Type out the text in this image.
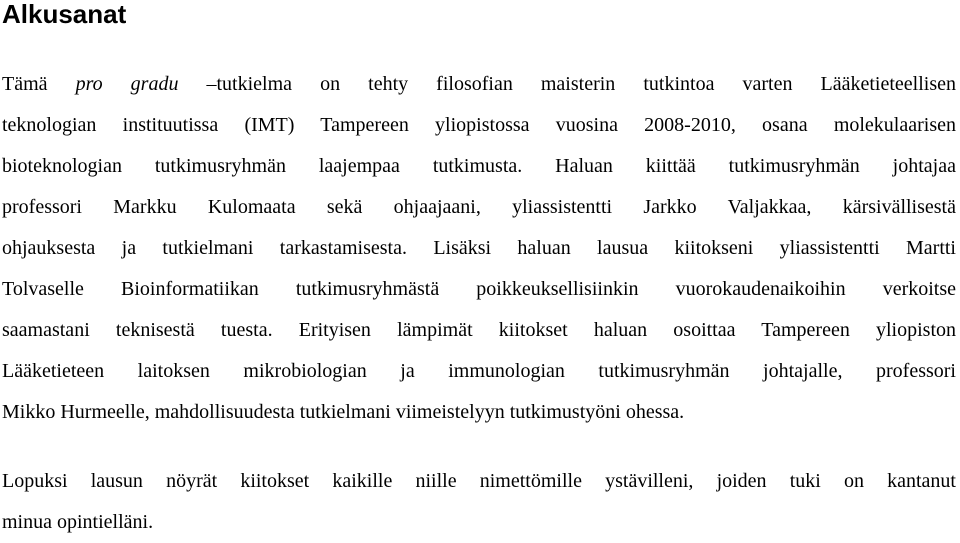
Alkusanat

Tämä pro gradu –tutkielma on tehty filosofian maisterin tutkintoa varten Lääketieteellisen
teknologian instituutissa (IMT) Tampereen yliopistossa vuosina 2008-2010, osana molekulaarisen
bioteknologian tutkimusryhmän laajempaa tutkimusta. Haluan kiittää tutkimusryhmän johtajaa
professori Markku Kulomaata sekä ohjaajaani, yliassistentti Jarkko Valjakkaa, kärsivällisestä
ohjauksesta ja tutkielmani tarkastamisesta. Lisäksi haluan lausua kiitokseni yliassistentti Martti
Tolvaselle Bioinformatiikan tutkimusryhmästä poikkeuksellisiinkin vuorokaudenaikoihin verkoitse
saamastani teknisestä tuesta. Erityisen lämpimät kiitokset haluan osoittaa Tampereen yliopiston
Lääketieteen laitoksen mikrobiologian ja immunologian tutkimusryhmän johtajalle, professori
Mikko Hurmeelle, mahdollisuudesta tutkielmani viimeistelyyn tutkimustyöni ohessa.

Lopuksi lausun nöyrät kiitokset kaikille niille nimettömille ystävilleni, joiden tuki on kantanut
minua opintielläni.
